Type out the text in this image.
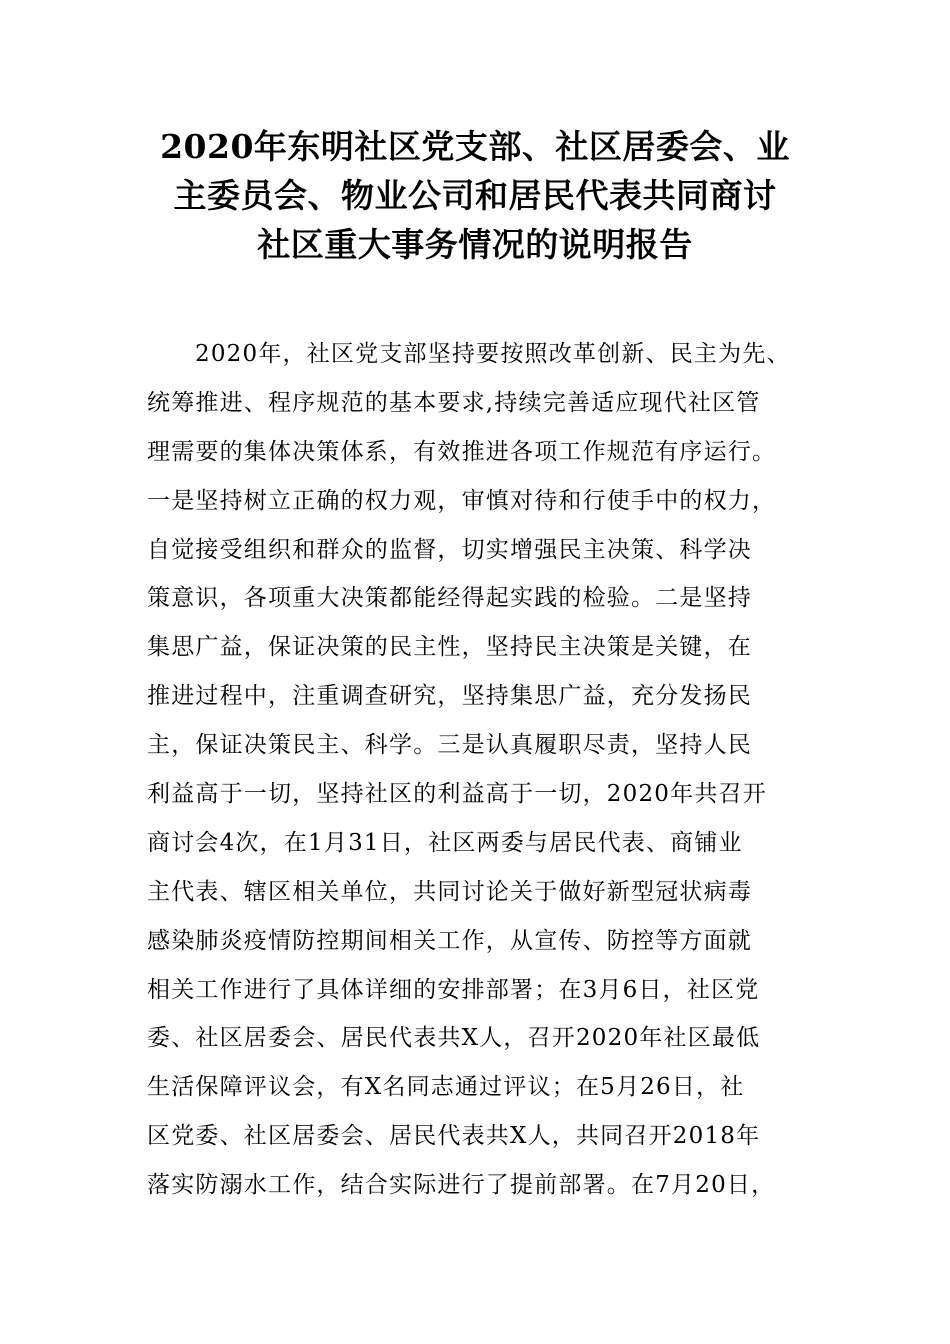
2020年东明社区党支部、社区居委会、业
主委员会、物业公司和居民代表共同商讨
社区重大事务情况的说明报告
2020年，社区党支部坚持要按照改革创新、民主为先、
统筹推进、程序规范的基本要求,持续完善适应现代社区管
理需要的集体决策体系，有效推进各项工作规范有序运行。
一是坚持树立正确的权力观，审慎对待和行使手中的权力，
自觉接受组织和群众的监督，切实增强民主决策、科学决
策意识，各项重大决策都能经得起实践的检验。二是坚持
集思广益，保证决策的民主性，坚持民主决策是关键，在
推进过程中，注重调查研究，坚持集思广益，充分发扬民
主，保证决策民主、科学。三是认真履职尽责，坚持人民
利益高于一切，坚持社区的利益高于一切，2020年共召开
商讨会4次，在1月31日，社区两委与居民代表、商铺业
主代表、辖区相关单位，共同讨论关于做好新型冠状病毒
感染肺炎疫情防控期间相关工作，从宣传、防控等方面就
相关工作进行了具体详细的安排部署；在3月6日，社区党
委、社区居委会、居民代表共X人，召开2020年社区最低
生活保障评议会，有X名同志通过评议；在5月26日，社
区党委、社区居委会、居民代表共X人，共同召开2018年
落实防溺水工作，结合实际进行了提前部署。在7月20日，
